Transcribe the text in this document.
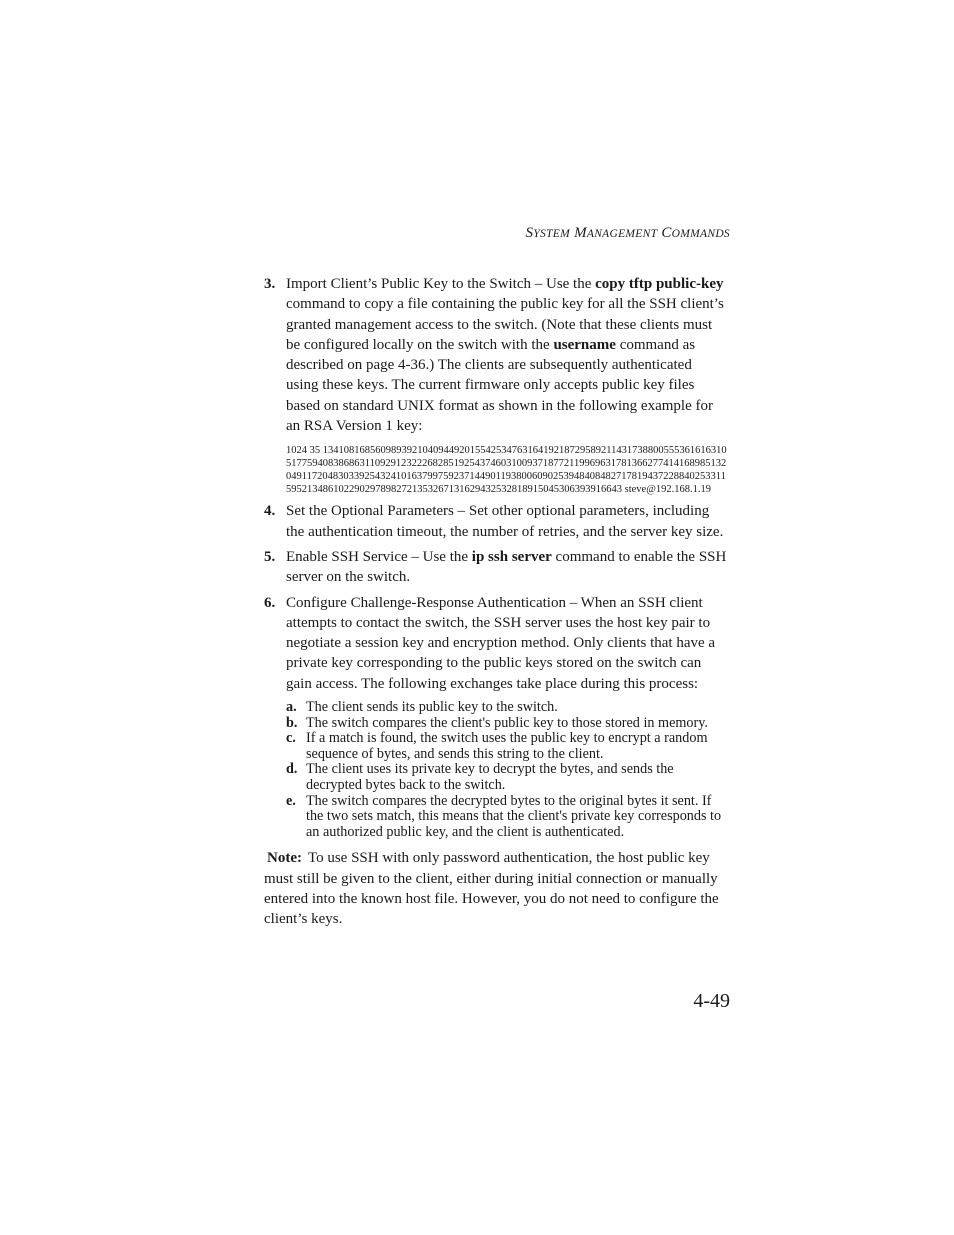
SYSTEM MANAGEMENT COMMANDS
3. Import Client’s Public Key to the Switch – Use the copy tftp public-key command to copy a file containing the public key for all the SSH client’s granted management access to the switch. (Note that these clients must be configured locally on the switch with the username command as described on page 4-36.) The clients are subsequently authenticated using these keys. The current firmware only accepts public key files based on standard UNIX format as shown in the following example for an RSA Version 1 key:
1024 35 134108168560989392104094492015542534763164192187295892114317388005553616163105177594083868631109291232226828519254374603100937187721199696317813662774141689851320491172048303392543241016379975923714490119380060902539484084827178194372288402533115952134861022902978982721353267131629432532818915045306393916643 steve@192.168.1.19
4. Set the Optional Parameters – Set other optional parameters, including the authentication timeout, the number of retries, and the server key size.
5. Enable SSH Service – Use the ip ssh server command to enable the SSH server on the switch.
6. Configure Challenge-Response Authentication – When an SSH client attempts to contact the switch, the SSH server uses the host key pair to negotiate a session key and encryption method. Only clients that have a private key corresponding to the public keys stored on the switch can gain access. The following exchanges take place during this process:
a. The client sends its public key to the switch.
b. The switch compares the client's public key to those stored in memory.
c. If a match is found, the switch uses the public key to encrypt a random sequence of bytes, and sends this string to the client.
d. The client uses its private key to decrypt the bytes, and sends the decrypted bytes back to the switch.
e. The switch compares the decrypted bytes to the original bytes it sent. If the two sets match, this means that the client's private key corresponds to an authorized public key, and the client is authenticated.
Note: To use SSH with only password authentication, the host public key must still be given to the client, either during initial connection or manually entered into the known host file. However, you do not need to configure the client’s keys.
4-49
